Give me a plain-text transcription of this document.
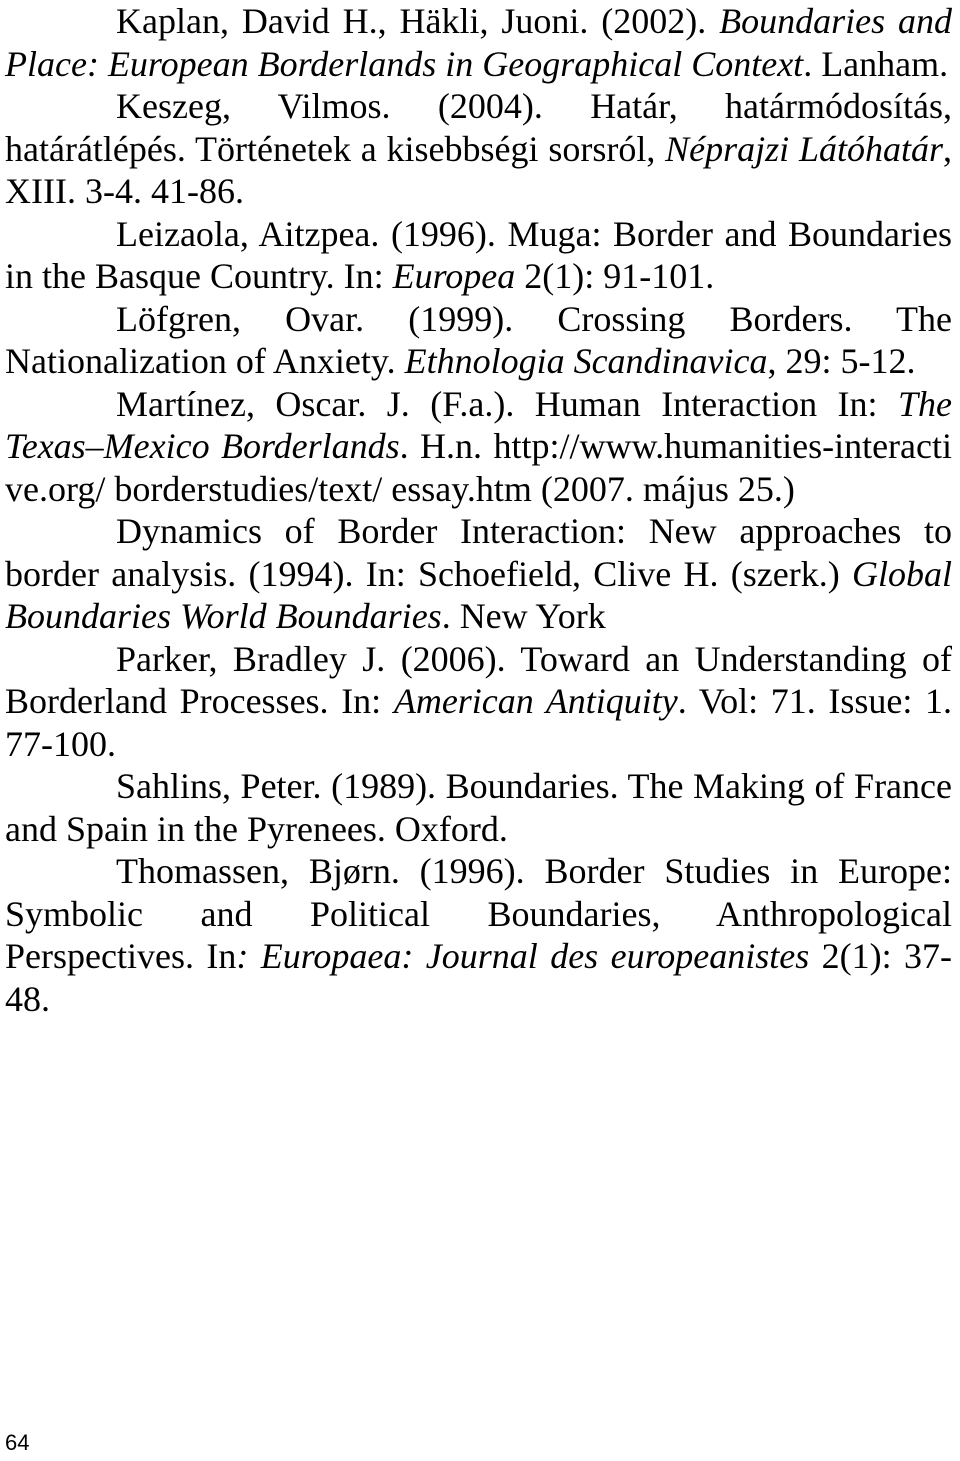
Kaplan, David H., Häkli, Juoni. (2002). Boundaries and Place: European Borderlands in Geographical Context. Lanham.

Keszeg, Vilmos. (2004). Határ, határmódosítás, határátlépés. Történetek a kisebbségi sorsról, Néprajzi Látóhatár, XIII. 3-4. 41-86.

Leizaola, Aitzpea. (1996). Muga: Border and Boundaries in the Basque Country. In: Europea 2(1): 91-101.

Löfgren, Ovar. (1999). Crossing Borders. The Nationalization of Anxiety. Ethnologia Scandinavica, 29: 5-12.

Martínez, Oscar. J. (F.a.). Human Interaction In: The Texas–Mexico Borderlands. H.n. http://www.humanities-interactive.org/ borderstudies/text/ essay.htm (2007. május 25.)

Dynamics of Border Interaction: New approaches to border analysis. (1994). In: Schoefield, Clive H. (szerk.) Global Boundaries World Boundaries. New York

Parker, Bradley J. (2006). Toward an Understanding of Borderland Processes. In: American Antiquity. Vol: 71. Issue: 1. 77-100.

Sahlins, Peter. (1989). Boundaries. The Making of France and Spain in the Pyrenees. Oxford.

Thomassen, Bjørn. (1996). Border Studies in Europe: Symbolic and Political Boundaries, Anthropological Perspectives. In: Europaea: Journal des europeanistes 2(1): 37-48.

64
